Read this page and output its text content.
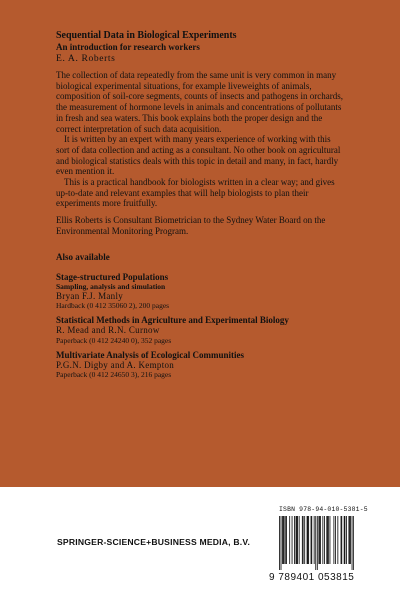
Sequential Data in Biological Experiments

An introduction for research workers

E. A. Roberts

The collection of data repeatedly from the same unit is very common in many biological experimental situations, for example liveweights of animals, composition of soil-core segments, counts of insects and pathogens in orchards, the measurement of hormone levels in animals and concentrations of pollutants in fresh and sea waters. This book explains both the proper design and the correct interpretation of such data acquisition.

It is written by an expert with many years experience of working with this sort of data collection and acting as a consultant. No other book on agricultural and biological statistics deals with this topic in detail and many, in fact, hardly even mention it.

This is a practical handbook for biologists written in a clear way; and gives up-to-date and relevant examples that will help biologists to plan their experiments more fruitfully.

Ellis Roberts is Consultant Biometrician to the Sydney Water Board on the Environmental Monitoring Program.

Also available

Stage-structured Populations

Sampling, analysis and simulation

Bryan F.J. Manly

Hardback (0 412 35060 2), 200 pages

Statistical Methods in Agriculture and Experimental Biology

R. Mead and R.N. Curnow

Paperback (0 412 24240 0), 352 pages

Multivariate Analysis of Ecological Communities

P.G.N. Digby and A. Kempton

Paperback (0 412 24650 3), 216 pages

SPRINGER-SCIENCE+BUSINESS MEDIA, B.V.
ISBN 978-94-010-5381-5
9 789401 053815
